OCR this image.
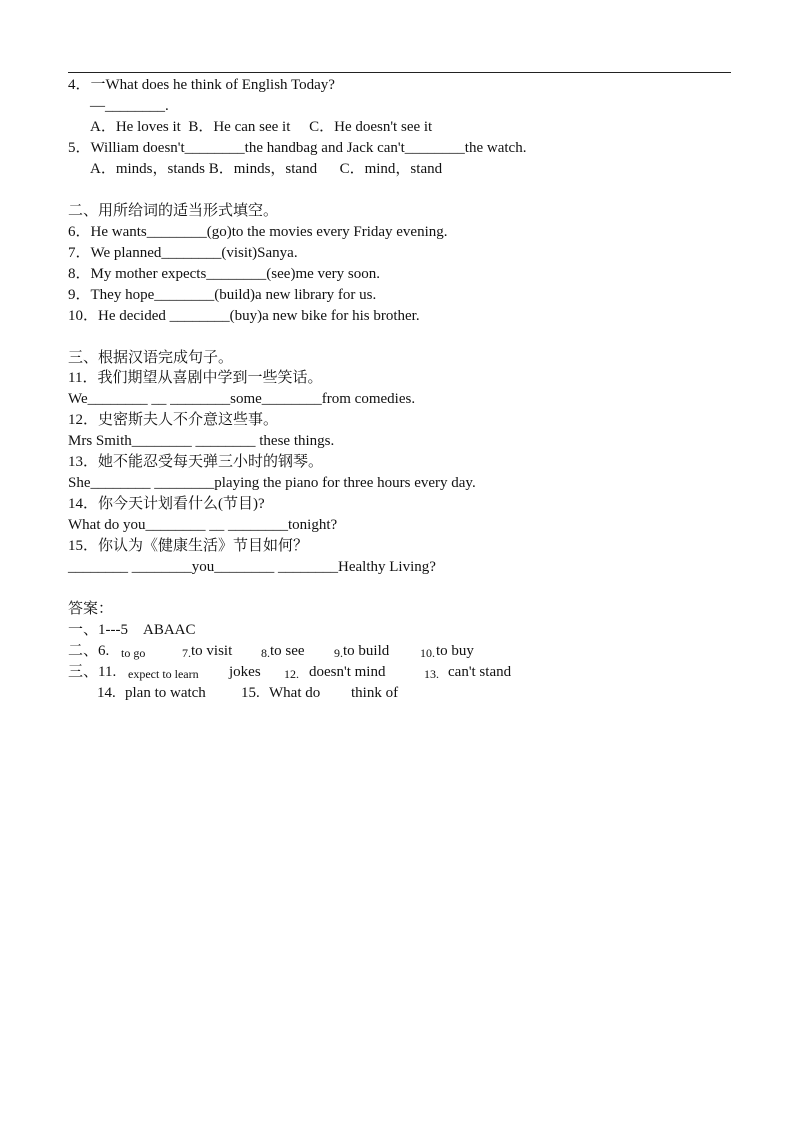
4．一What does he think of English Today?
—________.
A．He loves it  B．He can see it     C．He doesn't see it
5．William doesn't________the handbag and Jack can't________the watch.
A．minds，stands B．minds，stand      C．mind，stand
二、用所给词的适当形式填空。
6．He wants________(go)to the movies every Friday evening.
7．We planned________(visit)Sanya.
8．My mother expects________(see)me very soon.
9．They hope________(build)a new library for us.
10．He decided ________(buy)a new bike for his brother.
三、根据汉语完成句子。
11．我们期望从喜剧中学到一些笑话。
We________ __ ________some________from comedies.
12．史密斯夫人不介意这些事。
Mrs Smith________ ________ these things.
13．她不能忍受每天弹三小时的钢琴。
She________ ________playing the piano for three hours every day.
14．你今天计划看什么(节目)?
What do you________ __ ________tonight?
15．你认为《健康生活》节目如何？
________ ________you________ ________Healthy Living?
答案：
一、1---5    ABAAC
二、6. to go	7. to visit 8. to see 9. to build	10. to buy
三、11. expect to learn jokes 12. doesn't mind	13. can't stand
14. plan to watch 15. What do think of
